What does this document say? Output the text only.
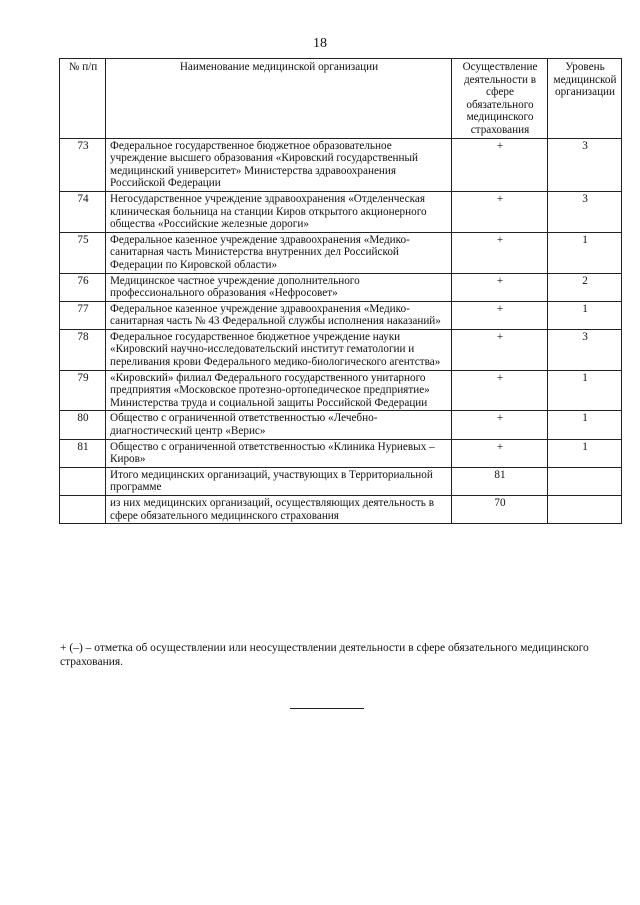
18
№ п/п	Наименование медицинской организации	Осуществление деятельности в сфере обязательного медицинского страхования	Уровень медицинской организации
73	Федеральное государственное бюджетное образовательное учреждение высшего образования «Кировский государственный медицинский университет» Министерства здравоохранения Российской Федерации	+	3
74	Негосударственное учреждение здравоохранения «Отделенческая клиническая больница на станции Киров открытого акционерного общества «Российские железные дороги»	+	3
75	Федеральное казенное учреждение здравоохранения «Медико-санитарная часть Министерства внутренних дел Российской Федерации по Кировской области»	+	1
76	Медицинское частное учреждение дополнительного профессионального образования «Нефросовет»	+	2
77	Федеральное казенное учреждение здравоохранения «Медико-санитарная часть № 43 Федеральной службы исполнения наказаний»	+	1
78	Федеральное государственное бюджетное учреждение науки «Кировский научно-исследовательский институт гематологии и переливания крови Федерального медико-биологического агентства»	+	3
79	«Кировский» филиал Федерального государственного унитарного предприятия «Московское протезно-ортопедическое предприятие» Министерства труда и социальной защиты Российской Федерации	+	1
80	Общество с ограниченной ответственностью «Лечебно-диагностический центр «Верис»	+	1
81	Общество с ограниченной ответственностью «Клиника Нуриевых – Киров»	+	1
	Итого медицинских организаций, участвующих в Территориальной программе	81	
	из них медицинских организаций, осуществляющих деятельность в сфере обязательного медицинского страхования	70	
+ (–) – отметка об осуществлении или неосуществлении деятельности в сфере обязательного медицинского страхования.
